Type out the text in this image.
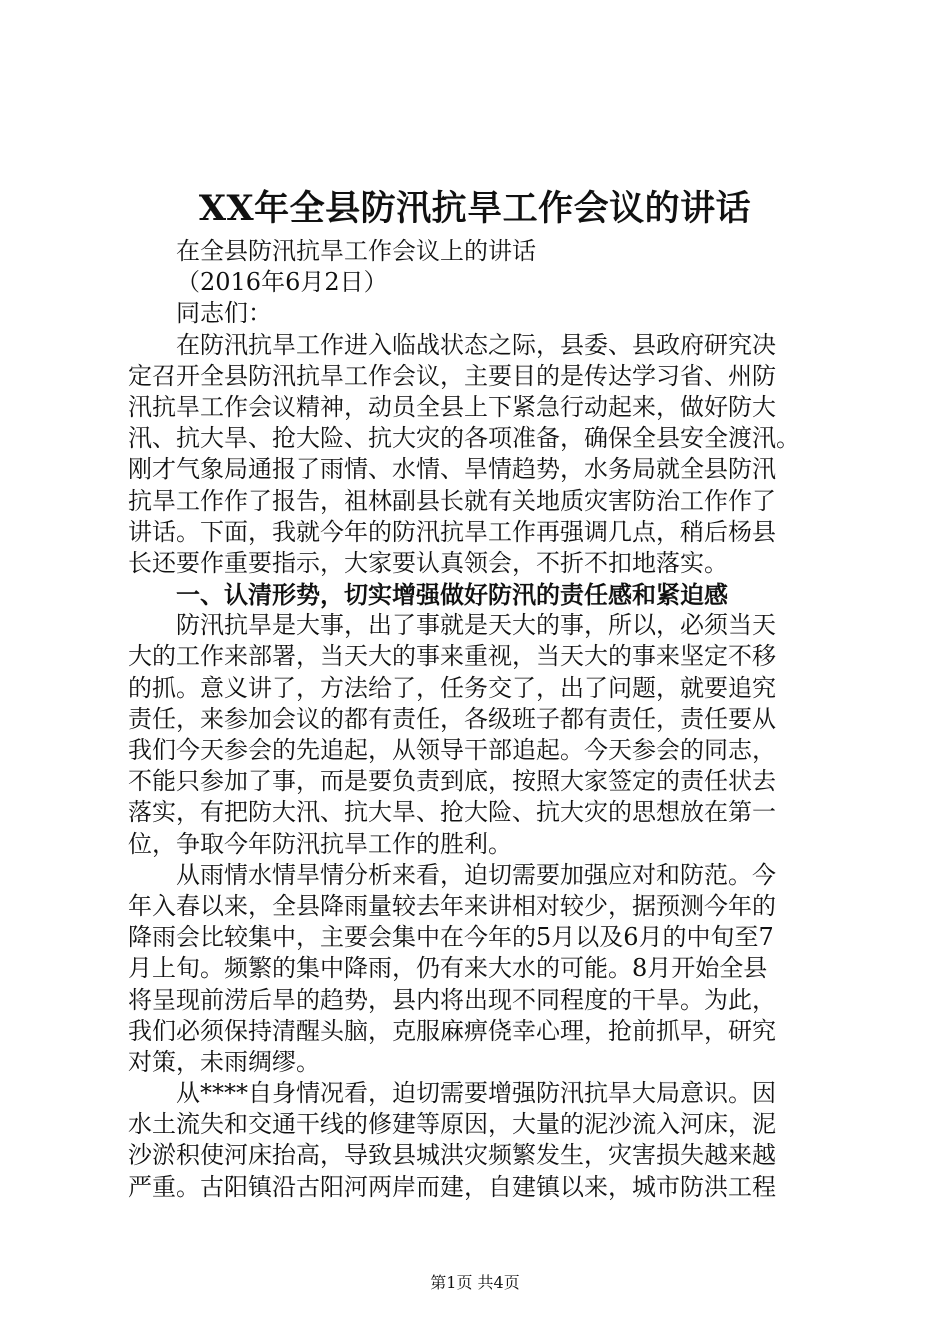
XX年全县防汛抗旱工作会议的讲话
在全县防汛抗旱工作会议上的讲话
（2016年6月2日）
同志们：
在防汛抗旱工作进入临战状态之际，县委、县政府研究决
定召开全县防汛抗旱工作会议，主要目的是传达学习省、州防
汛抗旱工作会议精神，动员全县上下紧急行动起来，做好防大
汛、抗大旱、抢大险、抗大灾的各项准备，确保全县安全渡汛。
刚才气象局通报了雨情、水情、旱情趋势，水务局就全县防汛
抗旱工作作了报告，祖林副县长就有关地质灾害防治工作作了
讲话。下面，我就今年的防汛抗旱工作再强调几点，稍后杨县
长还要作重要指示，大家要认真领会，不折不扣地落实。
一、认清形势，切实增强做好防汛的责任感和紧迫感
防汛抗旱是大事，出了事就是天大的事，所以，必须当天
大的工作来部署，当天大的事来重视，当天大的事来坚定不移
的抓。意义讲了，方法给了，任务交了，出了问题，就要追究
责任，来参加会议的都有责任，各级班子都有责任，责任要从
我们今天参会的先追起，从领导干部追起。今天参会的同志，
不能只参加了事，而是要负责到底，按照大家签定的责任状去
落实，有把防大汛、抗大旱、抢大险、抗大灾的思想放在第一
位，争取今年防汛抗旱工作的胜利。
从雨情水情旱情分析来看，迫切需要加强应对和防范。今
年入春以来，全县降雨量较去年来讲相对较少，据预测今年的
降雨会比较集中，主要会集中在今年的5月以及6月的中旬至7
月上旬。频繁的集中降雨，仍有来大水的可能。8月开始全县
将呈现前涝后旱的趋势，县内将出现不同程度的干旱。为此，
我们必须保持清醒头脑，克服麻痹侥幸心理，抢前抓早，研究
对策，未雨绸缪。
从****自身情况看，迫切需要增强防汛抗旱大局意识。因
水土流失和交通干线的修建等原因，大量的泥沙流入河床，泥
沙淤积使河床抬高，导致县城洪灾频繁发生，灾害损失越来越
严重。古阳镇沿古阳河两岸而建，自建镇以来，城市防洪工程
第1页 共4页
